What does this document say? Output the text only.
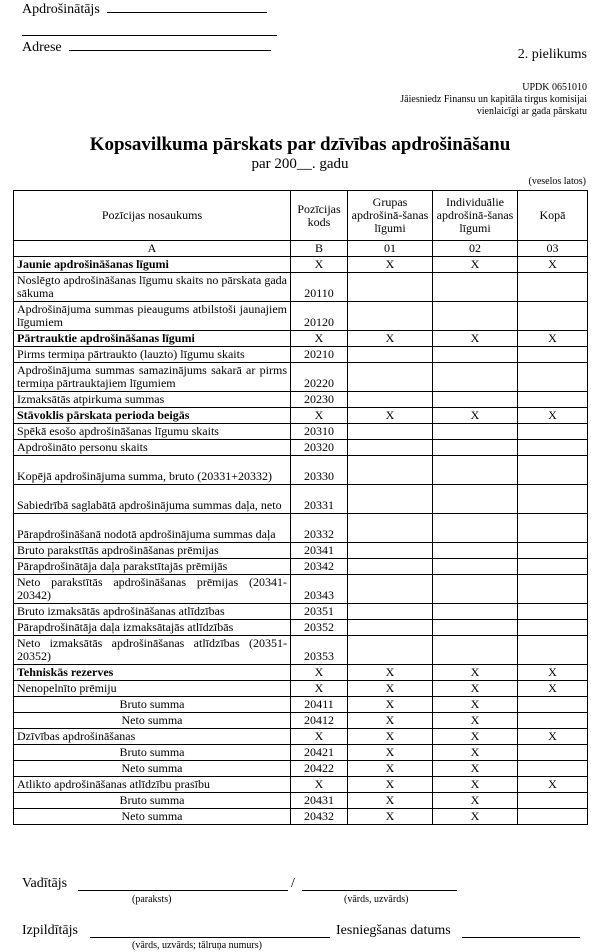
Apdrošinātājs
Adrese	2. pielikums
UPDK 0651010
Jāiesniedz Finansu un kapitāla tirgus komisijai
vienlaicīgi ar gada pārskatu
Kopsavilkuma pārskats par dzīvības apdrošināšanu
par 200__. gadu
(veselos latos)
Pozīcijas nosaukums	Pozīcijas kods	Grupas apdrošinā-šanas līgumi	Individuālie apdrošinā-šanas līgumi	Kopā
A	B	01	02	03
Jaunie apdrošināšanas līgumi	X	X	X	X
Noslēgto apdrošināšanas līgumu skaits no pārskata gada sākuma	20110			
Apdrošinājuma summas pieaugums atbilstoši jaunajiem līgumiem	20120			
Pārtrauktie apdrošināšanas līgumi	X	X	X	X
Pirms termiņa pārtraukto (lauzto) līgumu skaits	20210			
Apdrošinājuma summas samazinājums sakarā ar pirms termiņa pārtrauktajiem līgumiem	20220			
Izmaksātās atpirkuma summas	20230			
Stāvoklis pārskata perioda beigās	X	X	X	X
Spēkā esošo apdrošināšanas līgumu skaits	20310			
Apdrošināto personu skaits	20320			
Kopējā apdrošinājuma summa, bruto (20331+20332)	20330			
Sabiedrībā saglabātā apdrošinājuma summas daļa, neto	20331			
Pārapdrošināšanā nodotā apdrošinājuma summas daļa	20332			
Bruto parakstītās apdrošināšanas prēmijas	20341			
Pārapdrošinātāja daļa parakstītajās prēmijās	20342			
Neto parakstītās apdrošināšanas prēmijas (20341-20342)	20343			
Bruto izmaksātās apdrošināšanas atlīdzības	20351			
Pārapdrošinātāja daļa izmaksātajās atlīdzībās	20352			
Neto izmaksātās apdrošināšanas atlīdzības (20351-20352)	20353			
Tehniskās rezerves	X	X	X	X
Nenopelnīto prēmiju	X	X	X	X
Bruto summa	20411	X	X	
Neto summa	20412	X	X	
Dzīvības apdrošināšanas	X	X	X	X
Bruto summa	20421	X	X	
Neto summa	20422	X	X	
Atlikto apdrošināšanas atlīdzību prasību	X	X	X	X
Bruto summa	20431	X	X	
Neto summa	20432	X	X	
Vadītājs	/
(paraksts)	(vārds, uzvārds)
Izpildītājs	Iesniegšanas datums
(vārds, uzvārds; tālruņa numurs)
